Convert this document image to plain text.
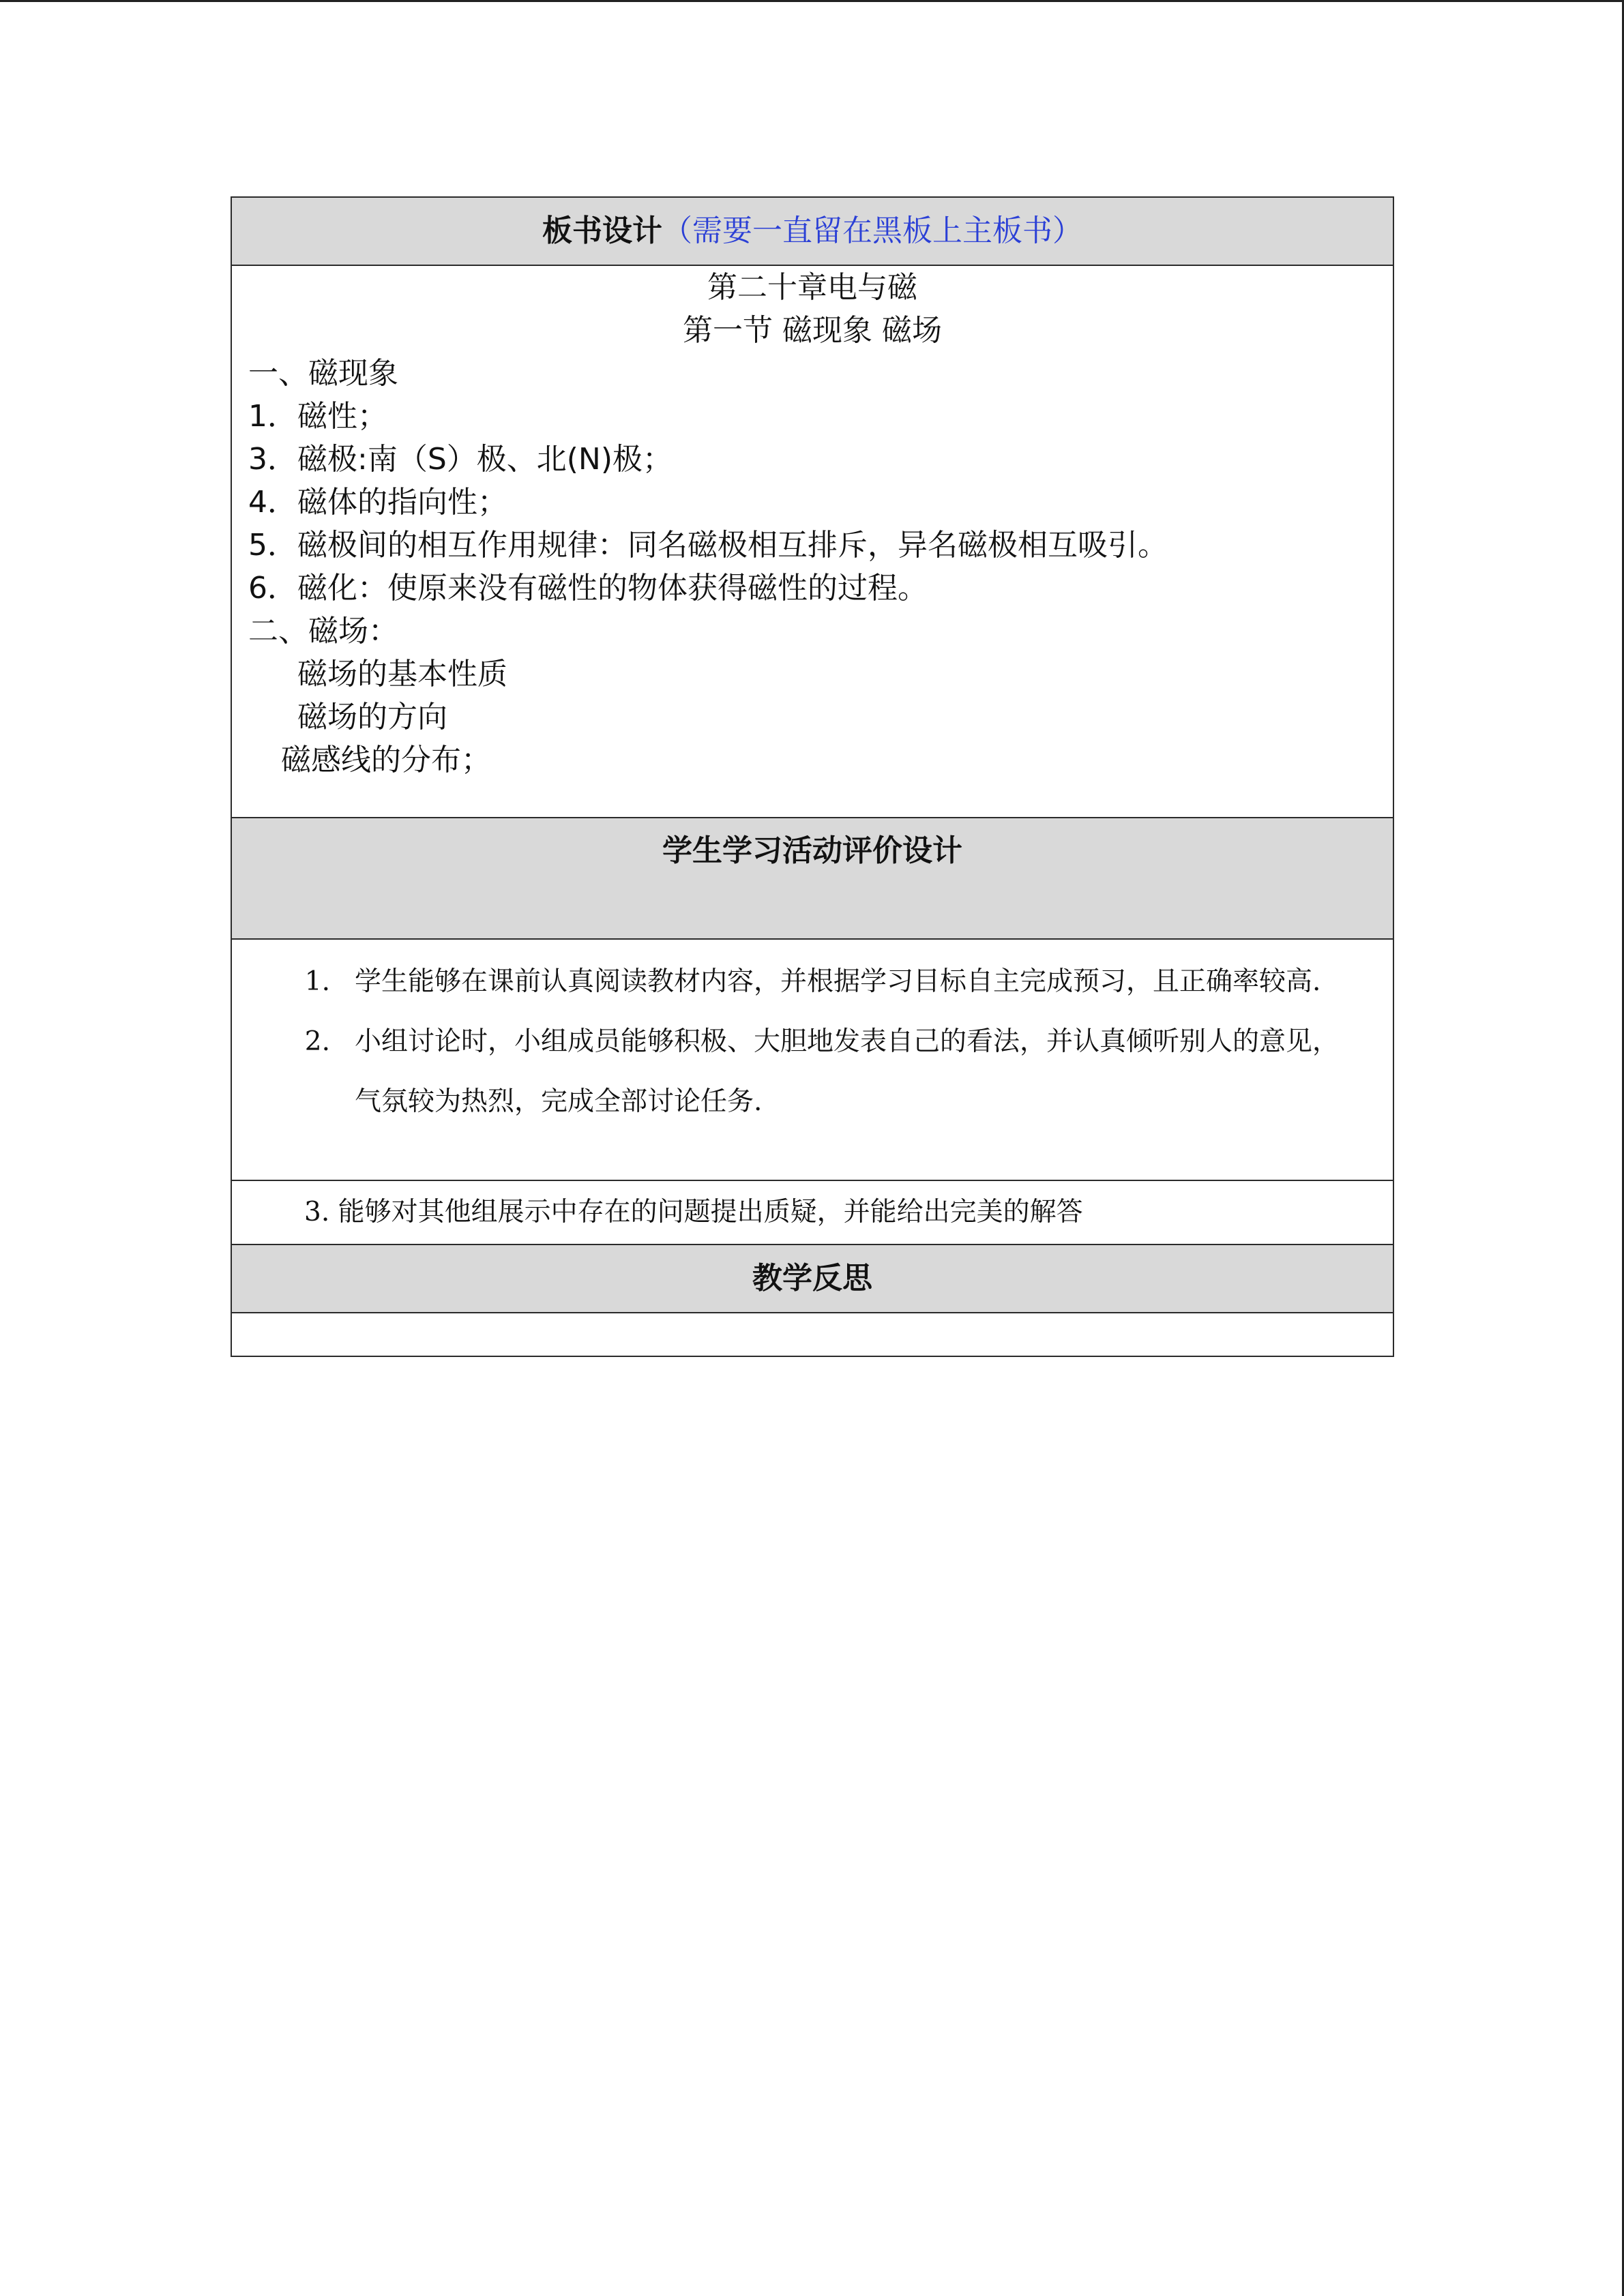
板书设计（需要一直留在黑板上主板书）

第二十章电与磁
第一节 磁现象 磁场
一、磁现象
1．磁性；
3．磁极:南（S）极、北(N)极；
4．磁体的指向性；
5．磁极间的相互作用规律：同名磁极相互排斥，异名磁极相互吸引。
6．磁化：使原来没有磁性的物体获得磁性的过程。
二、磁场：
磁场的基本性质
磁场的方向
磁感线的分布；

学生学习活动评价设计

1. 学生能够在课前认真阅读教材内容，并根据学习目标自主完成预习，且正确率较高.
2. 小组讨论时，小组成员能够积极、大胆地发表自己的看法，并认真倾听别人的意见，气氛较为热烈，完成全部讨论任务.

3. 能够对其他组展示中存在的问题提出质疑，并能给出完美的解答
教学反思
